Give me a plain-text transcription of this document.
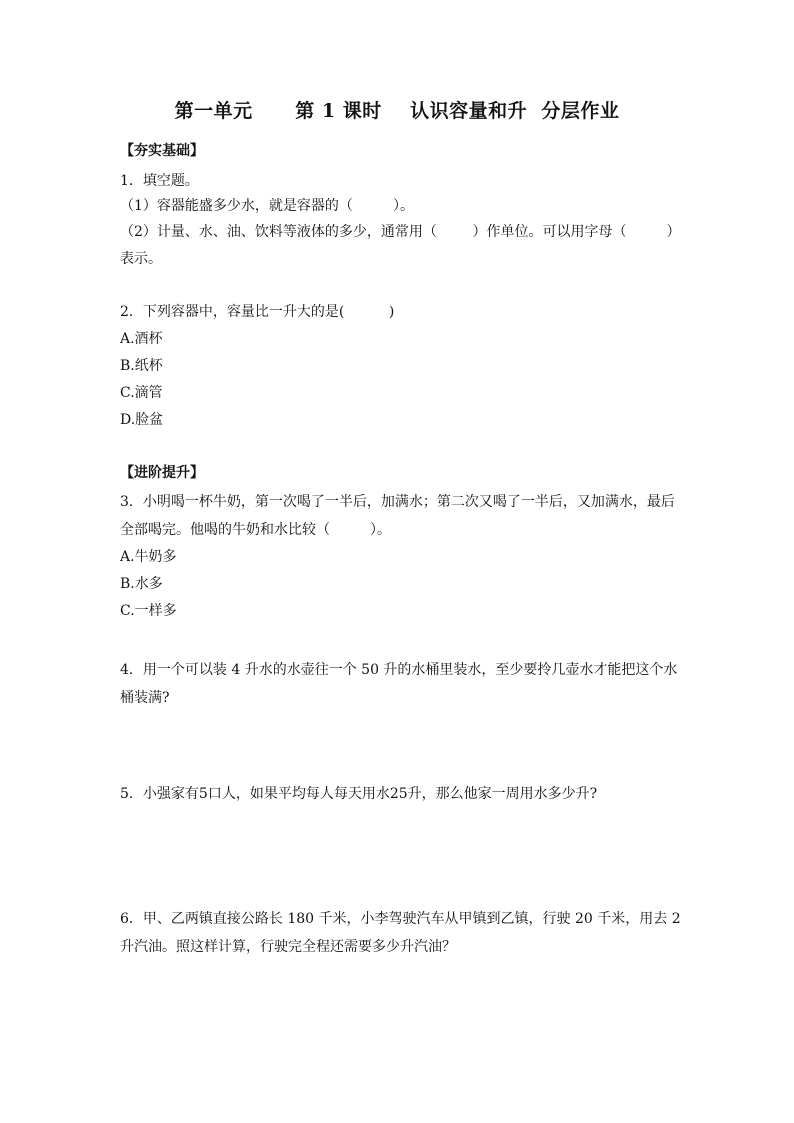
第一单元      第 1 课时    认识容量和升  分层作业
【夯实基础】
1．填空题。
（1）容器能盛多少水，就是容器的（         ）。
（2）计量、水、油、饮料等液体的多少，通常用（        ）作单位。可以用字母（         ）
表示。
2．下列容器中，容量比一升大的是(          )
A.酒杯
B.纸杯
C.滴管
D.脸盆
【进阶提升】
3．小明喝一杯牛奶，第一次喝了一半后，加满水；第二次又喝了一半后，又加满水，最后
全部喝完。他喝的牛奶和水比较（         ）。
A.牛奶多
B.水多
C.一样多
4．用一个可以装 4 升水的水壶往一个 50 升的水桶里装水，至少要拎几壶水才能把这个水
桶装满?
5．小强家有5口人，如果平均每人每天用水25升，那么他家一周用水多少升?
6．甲、乙两镇直接公路长 180 千米，小李驾驶汽车从甲镇到乙镇，行驶 20 千米，用去 2
升汽油。照这样计算，行驶完全程还需要多少升汽油？
